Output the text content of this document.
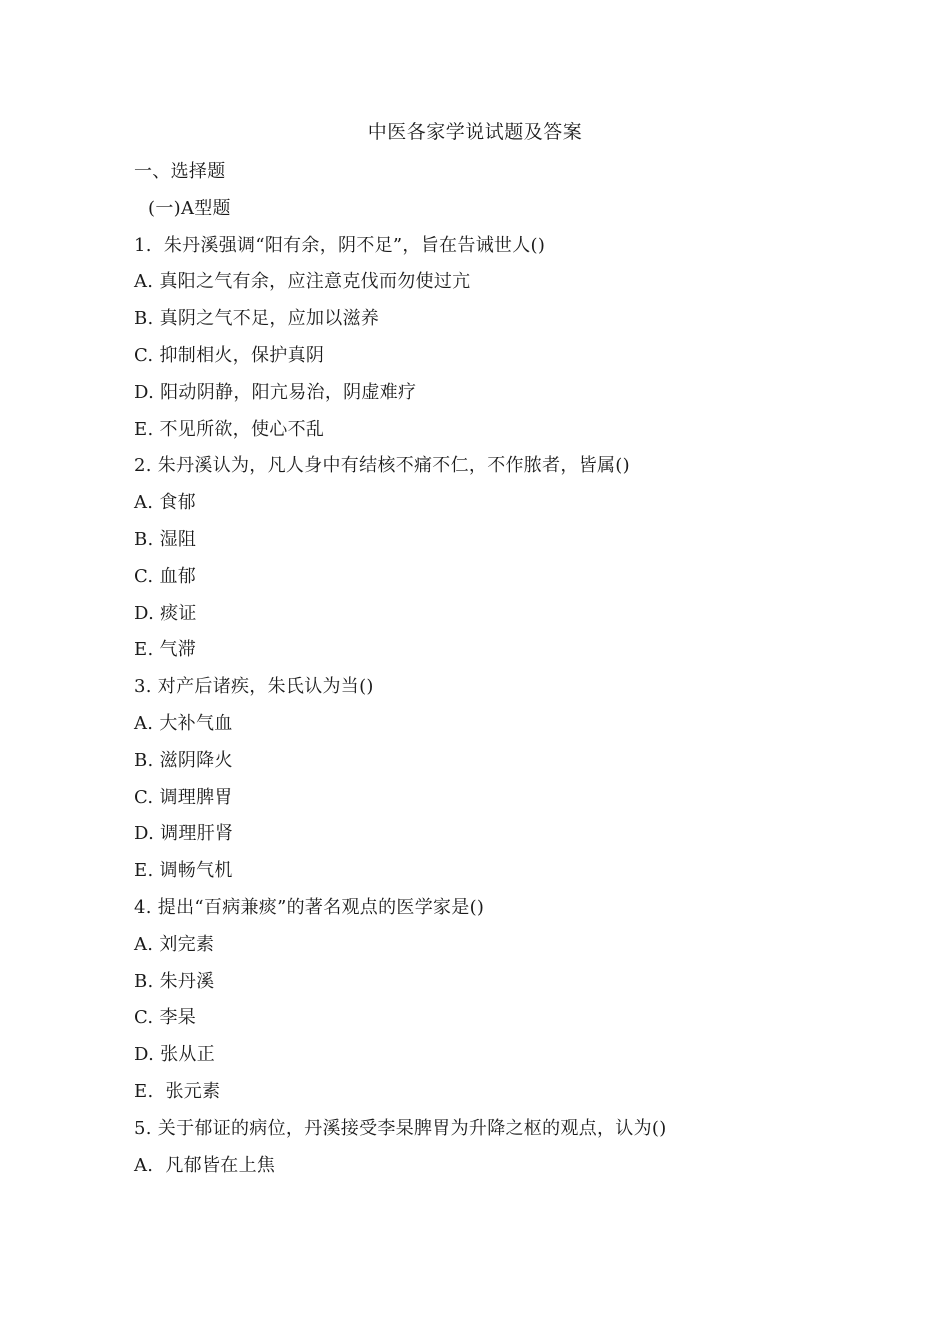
中医各家学说试题及答案
一、选择题
(一)A型题
1.  朱丹溪强调“阳有余，阴不足”，旨在告诫世人()
A. 真阳之气有余，应注意克伐而勿使过亢
B. 真阴之气不足，应加以滋养
C. 抑制相火，保护真阴
D. 阳动阴静，阳亢易治，阴虚难疗
E. 不见所欲，使心不乱
2. 朱丹溪认为，凡人身中有结核不痛不仁，不作脓者，皆属()
A. 食郁
B. 湿阻
C. 血郁
D. 痰证
E. 气滞
3. 对产后诸疾，朱氏认为当()
A. 大补气血
B. 滋阴降火
C. 调理脾胃
D. 调理肝肾
E. 调畅气机
4. 提出“百病兼痰”的著名观点的医学家是()
A. 刘完素
B. 朱丹溪
C. 李杲
D. 张从正
E.  张元素
5. 关于郁证的病位，丹溪接受李杲脾胃为升降之枢的观点，认为()
A.  凡郁皆在上焦
